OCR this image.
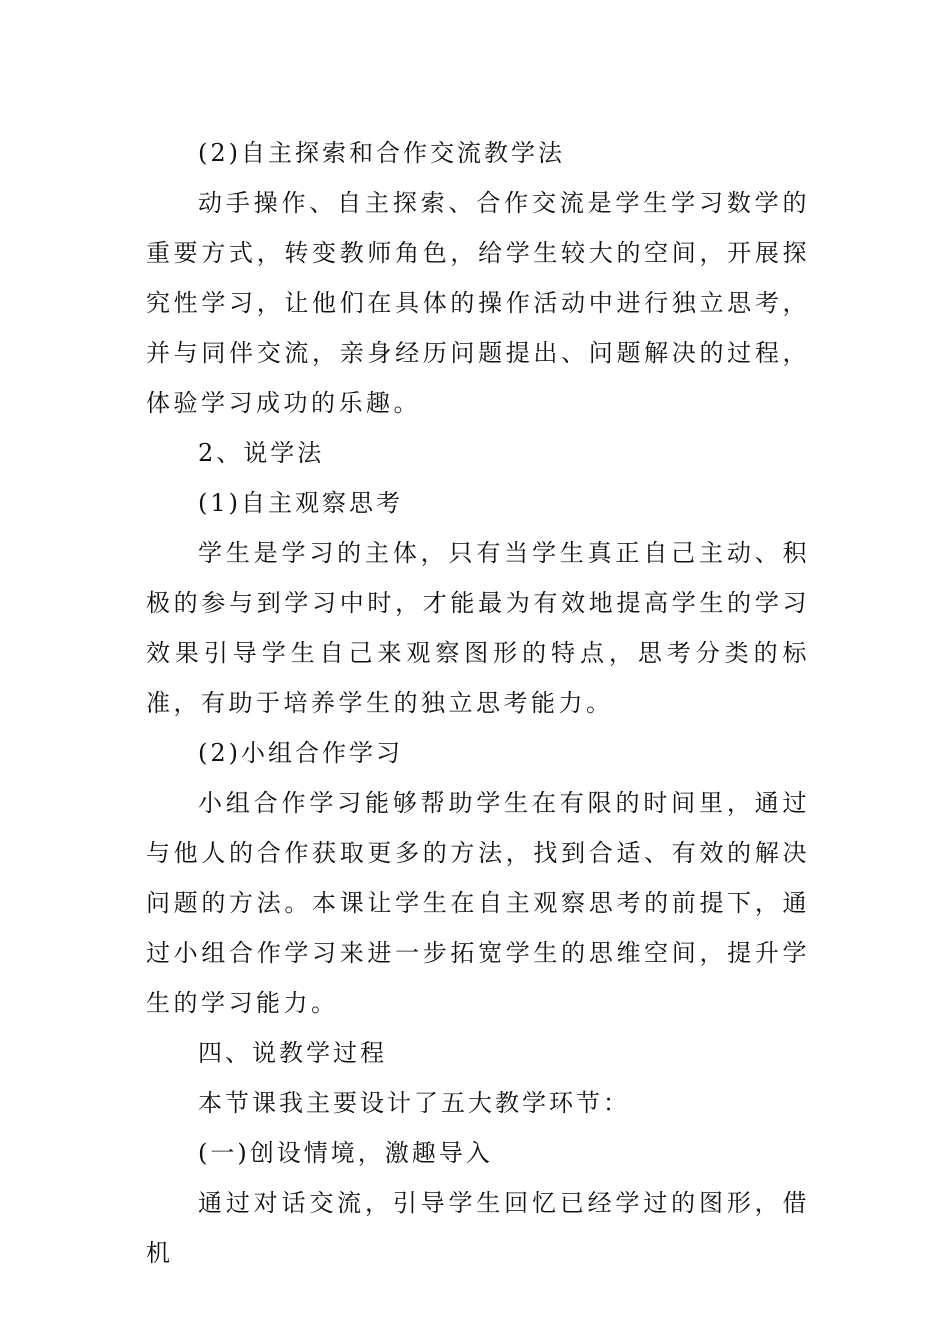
(2)自主探索和合作交流教学法

动手操作、自主探索、合作交流是学生学习数学的重要方式，转变教师角色，给学生较大的空间，开展探究性学习，让他们在具体的操作活动中进行独立思考，并与同伴交流，亲身经历问题提出、问题解决的过程，体验学习成功的乐趣。

2、说学法

(1)自主观察思考

学生是学习的主体，只有当学生真正自己主动、积极的参与到学习中时，才能最为有效地提高学生的学习效果引导学生自己来观察图形的特点，思考分类的标准，有助于培养学生的独立思考能力。

(2)小组合作学习

小组合作学习能够帮助学生在有限的时间里，通过与他人的合作获取更多的方法，找到合适、有效的解决问题的方法。本课让学生在自主观察思考的前提下，通过小组合作学习来进一步拓宽学生的思维空间，提升学生的学习能力。

四、说教学过程

本节课我主要设计了五大教学环节：

(一)创设情境，激趣导入

通过对话交流，引导学生回忆已经学过的图形，借机
